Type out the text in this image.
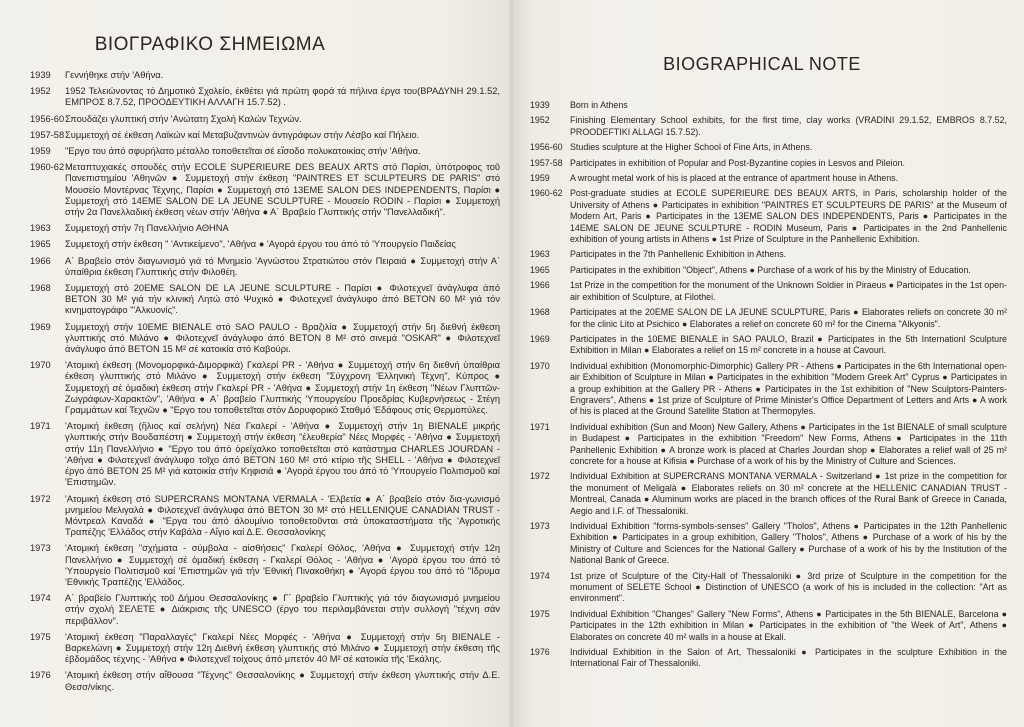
ΒΙΟΓΡΑΦΙΚΟ ΣΗΜΕΙΩΜΑ
1939	Γεννήθηκε στήν 'Αθήνα.
1952	1952 Τελειώνοντας τό Δημοτικό Σχολείο, έκθέτει γιά πρώτη φορά τά πήλινα έργα του(ΒΡΑΔΥΝΗ 29.1.52, ΕΜΠΡΟΣ 8.7.52, ΠΡΟΟΔΕΥΤΙΚΗ ΑΛΛΑΓΗ 15.7.52) .
1956-60 Σπουδάζει γλυπτική στήν 'Ανώτατη Σχολή Καλών Τεχνών.
1957-58 Συμμετοχή σέ έκθεση Λαϊκών καί Μεταβυζαντινών άντιγράφων στήν Λέσβο καί Πήλειο.
1959	"Εργο του άπό σφυρήλατο μέταλλο τοποθετεῖται σέ εἴσοδο πολυκατοικίας στήν 'Αθήνα.
1960-62 Μεταπτυχιακές σπουδές στήν ECOLE SUPERIEURE DES BEAUX ARTS στό Παρίσι, ὑπότροφος τοῦ Πανεπιστημίου 'Αθηνῶν ● Συμμετοχή στήν έκθεση "PAINTRES ET SCULPTEURS DE PARIS" στό Μουσείο Μοντέρνας Τέχνης, Παρίσι ● Συμμετοχή στό 13EME SALON DES INDEPENDENTS, Παρίσι ● Συμμετοχή στό 14EME SALON DE LA JEUNE SCULPTURE - Μουσείο RODIN - Παρίσι ● Συμμετοχή στήν 2α Πανελλαδική έκθεση νέων στήν 'Αθήνα ● Α΄ Βραβείο Γλυπτικής στήν "Πανελλαδική".
1963	Συμμετοχή στήν 7η Πανελλήνιο ΑΘΗΝΑ
1965	Συμμετοχή στήν έκθεση " 'Αντικείμενο", 'Αθήνα ● 'Αγορά έργου του άπό τό 'Υπουργείο Παιδείας
1966	Α΄ Βραβείο στόν διαγωνισμό γιά τό Μνημείο 'Αγνώστου Στρατιώτου στόν Πειραιά ● Συμμετοχή στήν Α΄ ὑπαίθρια έκθεση Γλυπτικής στήν Φιλοθέη.
1968	Συμμετοχή στό 20EME SALON DE LA JEUNE SCULPTURE - Παρίσι ● Φιλοτεχνεῖ άνάγλυφα άπό BETON 30 M² γιά τήν κλινική Λητώ στό Ψυχικό ● Φιλοτεχνεῖ άνάγλυφο άπό BETON 60 M² γιά τόν κινηματογράφο "'Αλκυονίς".
1969	Συμμετοχή στήν 10EME BIENALE στό SAO PAULO - Βραζιλία ● Συμμετοχή στήν 5η διεθνή έκθεση γλυπτικής στό Μιλάνο ● Φιλοτεχνεῖ άνάγλυφο άπό BETON 8 M² στό σινεμά "OSKAR" ● Φιλοτεχνεῖ άνάγλυφο άπό BETON 15 M² σέ κατοικία στό Καβούρι.
1970	'Ατομική έκθεση (Μονομορφικά-Διμορφικά) Γκαλερί PR - 'Αθήνα ● Συμμετοχή στήν 6η διεθνή ὑπαίθρια έκθεση γλυπτικής στό Μιλάνο ● Συμμετοχή στήν έκθεση "Σύγχρονη 'Ελληνική Τέχνη", Κύπρος ● Συμμετοχή σέ ὁμαδική έκθεση στήν Γκαλερί PR - 'Αθήνα ● Συμμετοχή στήν 1η έκθεση "Νέων Γλυπτῶν-Ζωγράφων-Χαρακτῶν", 'Αθήνα ● Α΄ βραβείο Γλυπτικής 'Υπουργείου Προεδρίας Κυβερνήσεως - Στέγη Γραμμάτων καί Τεχνῶν ● "Εργο του τοποθετεῖται στόν Δορυφορικό Σταθμό 'Εδάφους στίς Θερμοπύλες.
1971	'Ατομική έκθεση (ἥλιος καί σελήνη) Νέα Γκαλερί - 'Αθήνα ● Συμμετοχή στήν 1η BIENALE μικρής γλυπτικής στήν Βουδαπέστη ● Συμμετοχή στήν έκθεση "έλευθερία" Νέες Μορφές - 'Αθήνα ● Συμμετοχή στήν 11η Πανελλήνιο ● "Εργο του άπό ὀρείχαλκο τοποθετεῖται στό κατάστημα CHARLES JOURDAN - 'Αθήνα ● Φιλοτεχνεῖ άνάγλυφο τοῖχο άπό BETON 160 M² στό κτίριο τῆς SHELL - 'Αθήνα ● Φιλοτεχνεῖ έργο άπό BETON 25 M² γιά κατοικία στήν Κηφισιά ● 'Αγορά έργου του άπό τό 'Υπουργείο Πολιτισμοῦ καί 'Επιστημῶν.
1972	'Ατομική έκθεση στό SUPERCRANS MONTANA VERMALA - 'Ελβετία ● Α΄ βραβείο στόν δια-γωνισμό μνημείου Μελιγαλά ● Φιλοτεχνεῖ άνάγλυφα άπό BETON 30 M² στό HELLENIQUE CANADIAN TRUST - Μόντρεαλ Καναδά ● "Εργα του άπό άλουμίνιο τοποθετοῦνται στά ὑποκαταστήματα τῆς 'Αγροτικής Τραπέζης 'Ελλάδος στήν Καβάλα - Αἴγιο καί Δ.Ε. Θεσσαλονίκης
1973	'Ατομική έκθεση "σχήματα - σύμβολα - αἰσθήσεις" Γκαλερί Θόλος, 'Αθήνα ● Συμμετοχή στήν 12η Πανελλήνιο ● Συμμετοχή σέ ὁμαδική έκθεση - Γκαλερί Θόλος - 'Αθήνα ● 'Αγορά έργου του άπό τό 'Υπουργείο Πολιτισμοῦ καί 'Επιστημῶν γιά τήν 'Εθνική Πινακοθήκη ● 'Αγορά έργου του άπό τό "Ιδρυμα 'Εθνικής Τραπέζης 'Ελλάδος.
1974	Α΄ βραβείο Γλυπτικής τοῦ Δήμου Θεσσαλονίκης ● Γ΄ βραβείο Γλυπτικής γιά τόν διαγωνισμό μνημείου στήν σχολή ΣΕΛΕΤΕ ● Διάκρισις τῆς UNESCO (έργο του περιλαμβάνεται στήν συλλογή "τέχνη σάν περιβάλλον".
1975	'Ατομική έκθεση "Παραλλαγές" Γκαλερί Νέες Μορφές - 'Αθήνα ● Συμμετοχή στήν 5η BIENALE - Βαρκελώνη ● Συμμετοχή στήν 12η Διεθνή έκθεση γλυπτικής στό Μιλάνο ● Συμμετοχή στήν έκθεση τῆς ἑβδομάδος τέχνης - 'Αθήνα ● Φιλοτεχνεῖ τοίχους άπό μπετόν 40 M² σέ κατοικία τῆς 'Εκάλης.
1976	'Ατομική έκθεση στήν αἴθουσα "Τέχνης" Θεσσαλονίκης ● Συμμετοχή στήν έκθεση γλυπτικής στήν Δ.Ε. Θεσσ/νίκης.
BIOGRAPHICAL NOTE
1939	Born in Athens
1952	Finishing Elementary School exhibits, for the first time, clay works (VRADINI 29.1.52, EMBROS 8.7.52, PROODEFTIKI ALLAGI 15.7.52).
1956-60 Studies sculpture at the Higher School of Fine Arts, in Athens.
1957-58 Participates in exhibition of Popular and Post-Byzantine copies in Lesvos and Pileion.
1959	A wrought metal work of his is placed at the entrance of apartment house in Athens.
1960-62 Post-graduate studies at ECOLE SUPERIEURE DES BEAUX ARTS, in Paris, scholarship holder of the University of Athens ● Participates in exhibition "PAINTRES ET SCULPTEURS DE PARIS" at the Museum of Modern Art, Paris ● Participates in the 13EME SALON DES INDEPENDENTS, Paris ● Participates in the 14EME SALON DE JEUNE SCULPTURE - RODIN Museum, Paris ● Participates in the 2nd Panhellenic exhibition of young artists in Athens ● 1st Prize of Sculpture in the Panhellenic Exhibition.
1963	Participates in the 7th Panhellenic Exhibition in Athens.
1965	Participates in the exhibition "Object", Athens ● Purchase of a work of his by the Ministry of Education.
1966	1st Prize in the competition for the monument of the Unknown Soldier in Piraeus ● Participates in the 1st open-air exhibition of Sculpture, at Filothei.
1968	Participates at the 20EME SALON DE LA JEUNE SCULPTURE, Paris ● Elaborates reliefs on concrete 30 m² for the clinic Lito at Psichico ● Elaborates a relief on concrete 60 m² for the Cinema "Alkyonis".
1969	Participates in the 10EME BIENALE in SAO PAULO, Brazil ● Participates in the 5th Internationl Sculpture Exhibition in Milan ● Elaborates a relief on 15 m² concrete in a house at Cavouri.
1970	Individual exhibition (Monomorphic-Dimorphic) Gallery PR - Athens ● Participates in the 6th International open-air Exhibition of Sculpture in Milan ● Participates in the exhibition "Modern Greek Art" Cyprus ● Participates in a group exhibition at the Gallery PR - Athens ● Participates in the 1st exhibition of "New Sculptors-Painters-Engravers", Athens ● 1st prize of Sculpture of Prime Minister's Office Department of Letters and Arts ● A work of his is placed at the Ground Satellite Station at Thermopyles.
1971	Individual exhibition (Sun and Moon) New Gallery, Athens ● Participates in the 1st BIENALE of small sculpture in Budapest ● Participates in the exhibition "Freedom" New Forms, Athens ● Participates in the 11th Panhellenic Exhibition ● A bronze work is placed at Charles Jourdan shop ● Elaborates a relief wall of 25 m² concrete for a house at Kifisia ● Purchase of a work of his by the Ministry of Culture and Sciences.
1972	Individual Exhibition at SUPERCRANS MONTANA VERMALA - Switzerland ● 1st prize in the competition for the monument of Meligalà ● Elaborates reliefs on 30 m² concrete at the HELLENIC CANADIAN TRUST - Montreal, Canada ● Aluminum works are placed in the branch offices of the Rural Bank of Greece in Canada, Aegio and I.F. of Thessaloniki.
1973	Individual Exhibition "forms-symbols-senses" Gallery "Tholos", Athens ● Participates in the 12th Panhellenic Exhibition ● Participates in a group exhibition, Gallery "Tholos", Athens ● Purchase of a work of his by the Ministry of Culture and Sciences for the National Gallery ● Purchase of a work of his by the Institution of the National Bank of Greece.
1974	1st prize of Sculpture of the City-Hall of Thessaloniki ● 3rd prize of Sculpture in the competition for the monument of SELETE School ● Distinction of UNESCO (a work of his is included in the collection: "Art as environment".
1975	Individual Exhibition "Changes" Gallery "New Forms", Athens ● Participates in the 5th BIENALE, Barcelona ● Participates in the 12th exhibition in Milan ● Participates in the exhibition of "the Week of Art", Athens ● Elaborates on concrete 40 m² walls in a house at Ekali.
1976	Individual Exhibition in the Salon of Art, Thessaloniki ● Participates in the sculpture Exhibition in the International Fair of Thessaloniki.
